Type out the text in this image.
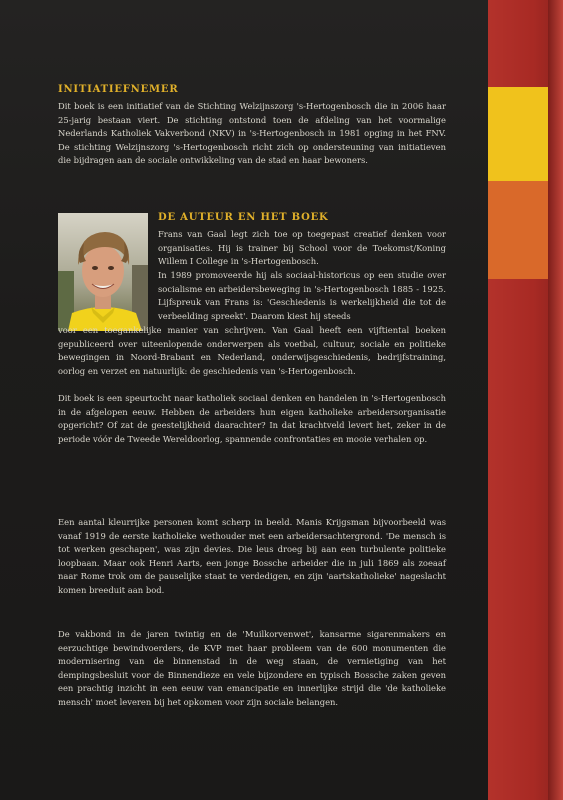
INITIATIEFNEMER

Dit boek is een initiatief van de Stichting Welzijnszorg 's-Hertogenbosch die in 2006 haar 25-jarig bestaan viert. De stichting ontstond toen de afdeling van het voormalige Nederlands Katholiek Vakverbond (NKV) in 's-Hertogenbosch in 1981 opging in het FNV. De stichting Welzijnszorg 's-Hertogenbosch richt zich op ondersteuning van initiatieven die bijdragen aan de sociale ontwikkeling van de stad en haar bewoners.

DE AUTEUR EN HET BOEK

Frans van Gaal legt zich toe op toegepast creatief denken voor organisaties. Hij is trainer bij School voor de Toekomst/Koning Willem I College in 's-Hertogenbosch.

In 1989 promoveerde hij als sociaal-historicus op een studie over socialisme en arbeidersbeweging in 's-Hertogenbosch 1885 - 1925. Lijfspreuk van Frans is: 'Geschiedenis is werkelijkheid die tot de verbeelding spreekt'. Daarom kiest hij steeds

voor een toegankelijke manier van schrijven. Van Gaal heeft een vijftiental boeken gepubliceerd over uiteenlopende onderwerpen als voetbal, cultuur, sociale en politieke bewegingen in Noord-Brabant en Nederland, onderwijsgeschiedenis, bedrijfstraining, oorlog en verzet en natuurlijk: de geschiedenis van 's-Hertogenbosch.

Dit boek is een speurtocht naar katholiek sociaal denken en handelen in 's-Hertogenbosch in de afgelopen eeuw. Hebben de arbeiders hun eigen katholieke arbeidersorganisatie opgericht? Of zat de geestelijkheid daarachter? In dat krachtveld levert het, zeker in de periode vóór de Tweede Wereldoorlog, spannende confrontaties en mooie verhalen op.

Een aantal kleurrijke personen komt scherp in beeld. Manis Krijgsman bijvoorbeeld was vanaf 1919 de eerste katholieke wethouder met een arbeidersachtergrond. 'De mensch is tot werken geschapen', was zijn devies. Die leus droeg bij aan een turbulente politieke loopbaan. Maar ook Henri Aarts, een jonge Bossche arbeider die in juli 1869 als zoeaaf naar Rome trok om de pauselijke staat te verdedigen, en zijn 'aartskatholieke' nageslacht komen breeduit aan bod.

De vakbond in de jaren twintig en de 'Muilkorvenwet', kansarme sigarenmakers en eerzuchtige bewindvoerders, de KVP met haar probleem van de 600 monumenten die modernisering van de binnenstad in de weg staan, de vernietiging van het dempingsbesluit voor de Binnendieze en vele bijzondere en typisch Bossche zaken geven een prachtig inzicht in een eeuw van emancipatie en innerlijke strijd die 'de katholieke mensch' moet leveren bij het opkomen voor zijn sociale belangen.
